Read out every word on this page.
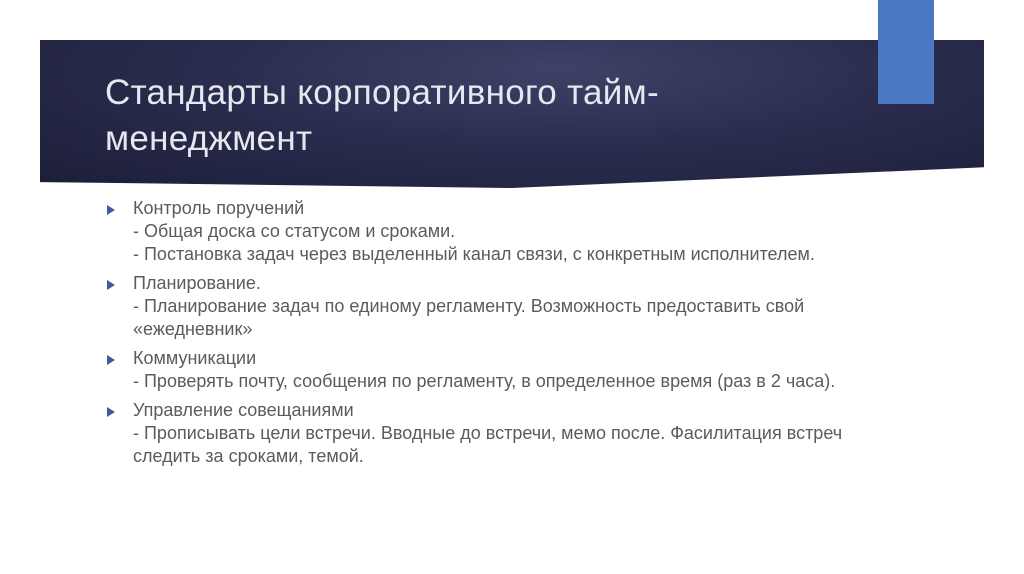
Стандарты корпоративного тайм-менеджмент
Контроль поручений
- Общая доска со статусом и сроками.
- Постановка задач через выделенный канал связи, с конкретным исполнителем.
Планирование.
- Планирование задач по единому регламенту. Возможность предоставить свой «ежедневник»
Коммуникации
- Проверять почту, сообщения по регламенту, в определенное время (раз в 2 часа).
Управление совещаниями
- Прописывать цели встречи. Вводные до встречи, мемо после. Фасилитация встреч следить за сроками, темой.
